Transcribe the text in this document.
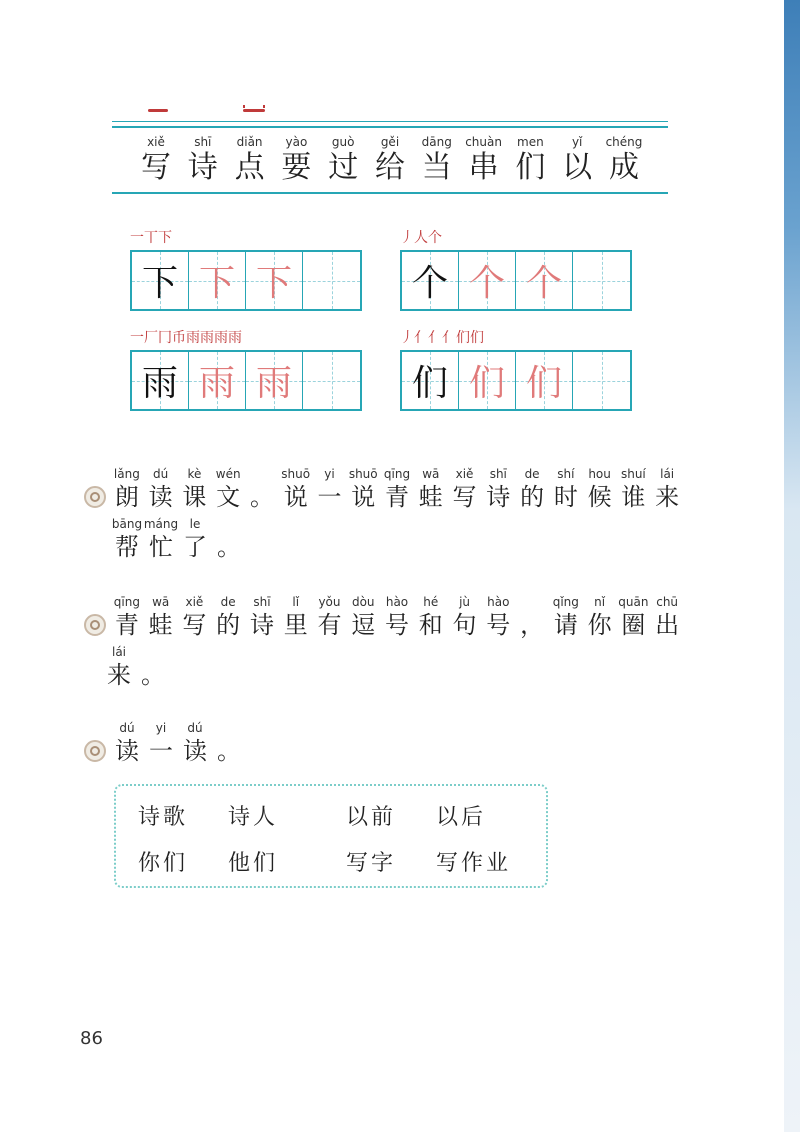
xiě
写
shī
诗
diǎn
点
yào
要
guò
过
gěi
给
dāng
当
chuàn
串
men
们
yǐ
以
chéng
成
一丅下
下 下 下
丿人个
个 个 个
一厂冂币雨雨雨雨
雨 雨 雨
丿亻亻亻们们
们 们 们
lǎng
朗
dú
读
kè
课
wén
文 。
shuō
说
yi
一
shuō
说
qīng
青
wā
蛙
xiě
写
shī
诗
de
的
shí
时
hou
候
shuí
谁
lái
来
bāng
帮
máng
忙
le
了 。
qīng
青
wā
蛙
xiě
写
de
的
shī
诗
lǐ
里
yǒu
有
dòu
逗
hào
号
hé
和
jù
句
hào
号 ，
qǐng
请
nǐ
你
quān
圈
chū
出
lái
来 。
dú
读
yi
一
dú
读 。
诗歌	诗人	以前	以后
你们	他们	写字	写作业
86
